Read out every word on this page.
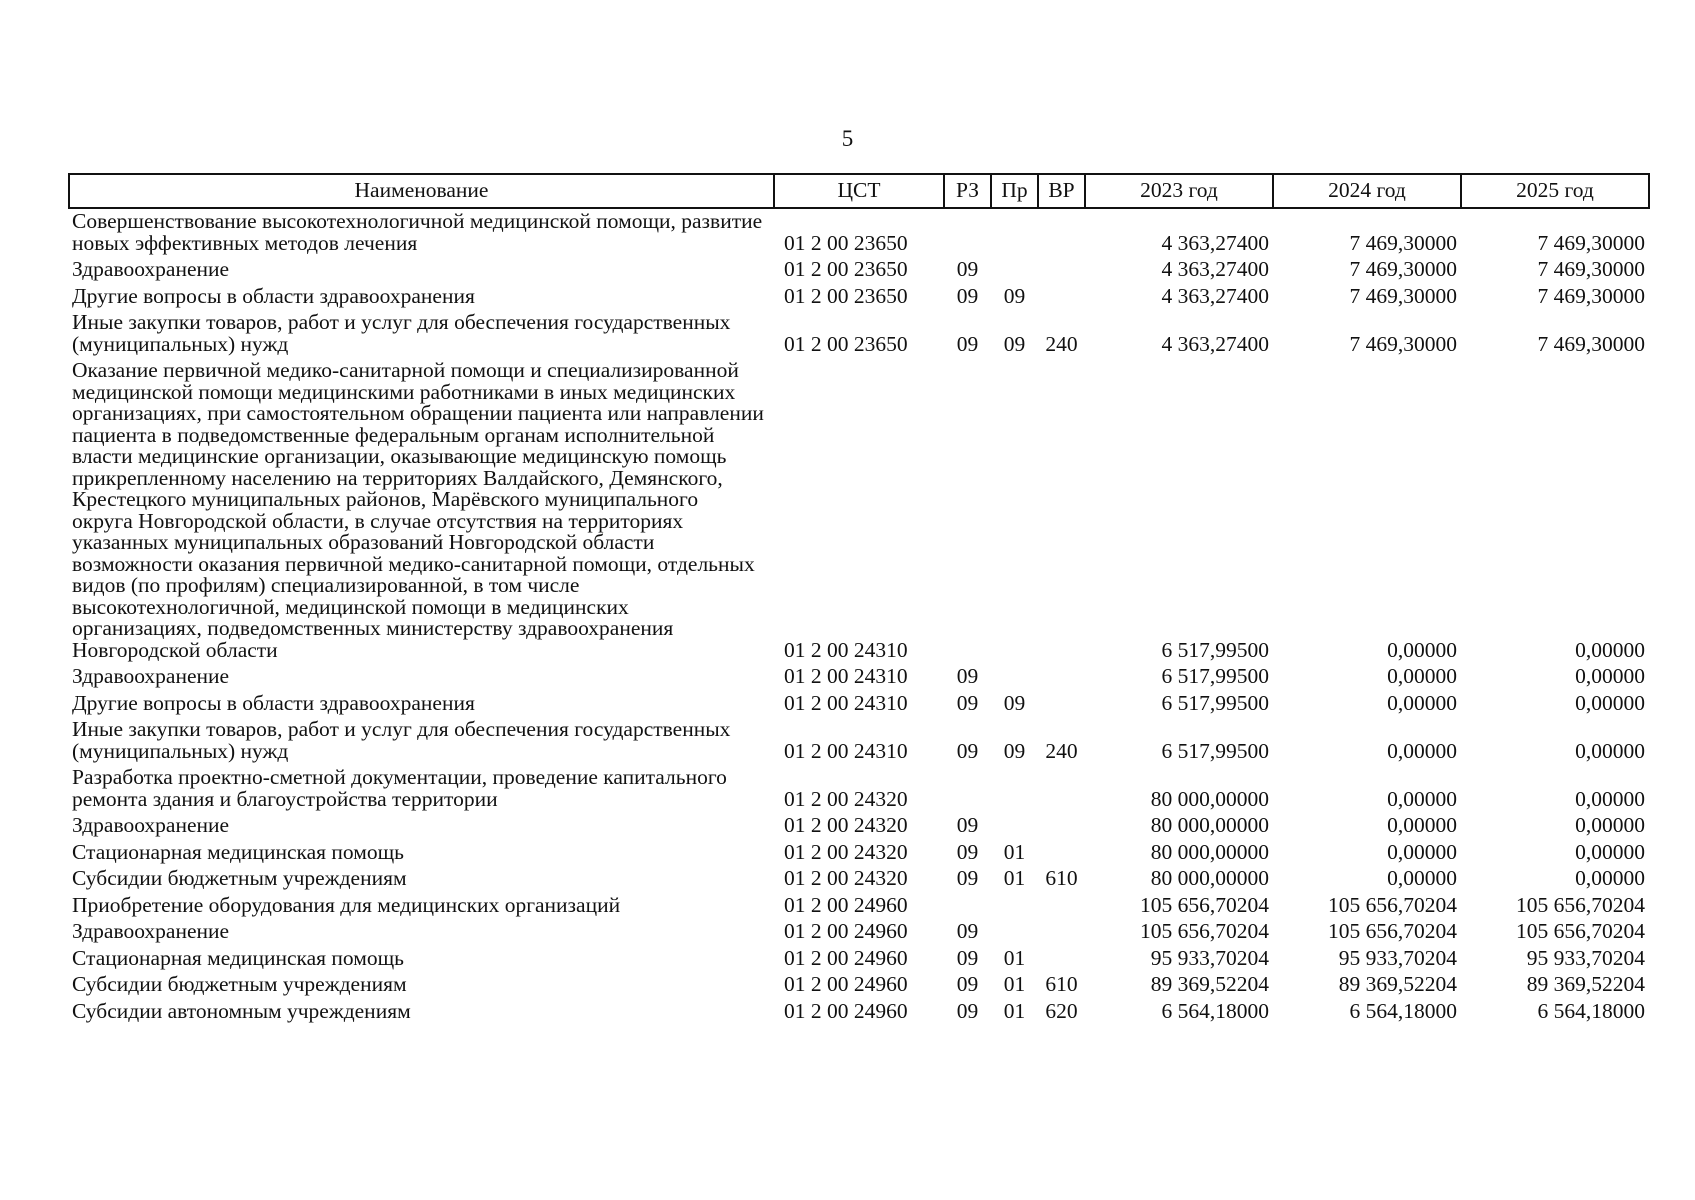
5
Наименование	ЦСТ	РЗ	Пр	ВР	2023 год	2024 год	2025 год
Совершенствование высокотехнологичной медицинской помощи, развитие новых эффективных методов лечения	01 2 00 23650				4 363,27400	7 469,30000	7 469,30000
Здравоохранение	01 2 00 23650	09			4 363,27400	7 469,30000	7 469,30000
Другие вопросы в области здравоохранения	01 2 00 23650	09	09		4 363,27400	7 469,30000	7 469,30000
Иные закупки товаров, работ и услуг для обеспечения государственных (муниципальных) нужд	01 2 00 23650	09	09	240	4 363,27400	7 469,30000	7 469,30000
Оказание первичной медико-санитарной помощи и специализированной медицинской помощи медицинскими работниками в иных медицинских организациях, при самостоятельном обращении пациента или направлении пациента в подведомственные федеральным органам исполнительной власти медицинские организации, оказывающие медицинскую помощь прикрепленному населению на территориях Валдайского, Демянского, Крестецкого муниципальных районов, Марёвского муниципального округа Новгородской области, в случае отсутствия на территориях указанных муниципальных образований Новгородской области возможности оказания первичной медико-санитарной помощи, отдельных видов (по профилям) специализированной, в том числе высокотехнологичной, медицинской помощи в медицинских организациях, подведомственных министерству здравоохранения Новгородской области	01 2 00 24310				6 517,99500	0,00000	0,00000
Здравоохранение	01 2 00 24310	09			6 517,99500	0,00000	0,00000
Другие вопросы в области здравоохранения	01 2 00 24310	09	09		6 517,99500	0,00000	0,00000
Иные закупки товаров, работ и услуг для обеспечения государственных (муниципальных) нужд	01 2 00 24310	09	09	240	6 517,99500	0,00000	0,00000
Разработка проектно-сметной документации, проведение капитального ремонта здания и благоустройства территории	01 2 00 24320				80 000,00000	0,00000	0,00000
Здравоохранение	01 2 00 24320	09			80 000,00000	0,00000	0,00000
Стационарная медицинская помощь	01 2 00 24320	09	01		80 000,00000	0,00000	0,00000
Субсидии бюджетным учреждениям	01 2 00 24320	09	01	610	80 000,00000	0,00000	0,00000
Приобретение оборудования для медицинских организаций	01 2 00 24960				105 656,70204	105 656,70204	105 656,70204
Здравоохранение	01 2 00 24960	09			105 656,70204	105 656,70204	105 656,70204
Стационарная медицинская помощь	01 2 00 24960	09	01		95 933,70204	95 933,70204	95 933,70204
Субсидии бюджетным учреждениям	01 2 00 24960	09	01	610	89 369,52204	89 369,52204	89 369,52204
Субсидии автономным учреждениям	01 2 00 24960	09	01	620	6 564,18000	6 564,18000	6 564,18000
